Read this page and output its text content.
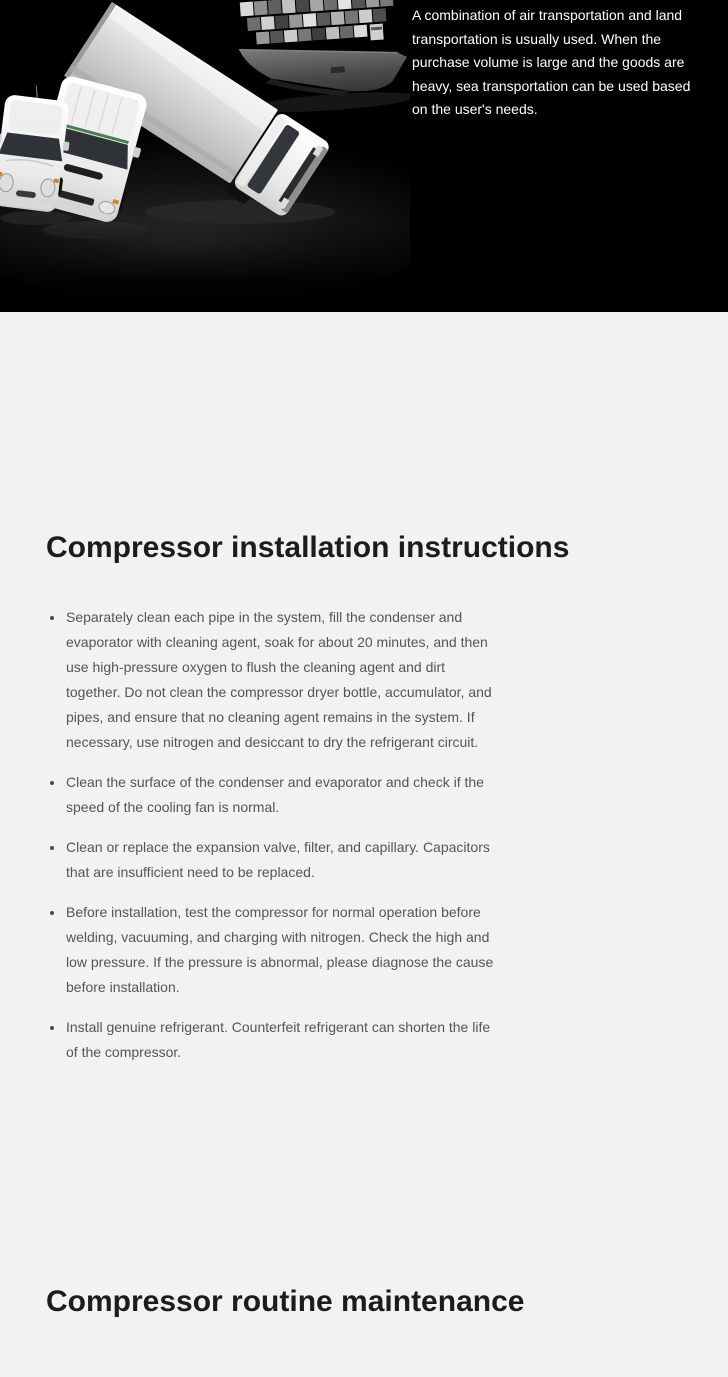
A combination of air transportation and land transportation is usually used. When the purchase volume is large and the goods are heavy, sea transportation can be used based on the user's needs.

Compressor installation instructions
• Separately clean each pipe in the system, fill the condenser and evaporator with cleaning agent, soak for about 20 minutes, and then use high-pressure oxygen to flush the cleaning agent and dirt together. Do not clean the compressor dryer bottle, accumulator, and pipes, and ensure that no cleaning agent remains in the system. If necessary, use nitrogen and desiccant to dry the refrigerant circuit.
• Clean the surface of the condenser and evaporator and check if the speed of the cooling fan is normal.
• Clean or replace the expansion valve, filter, and capillary. Capacitors that are insufficient need to be replaced.
• Before installation, test the compressor for normal operation before welding, vacuuming, and charging with nitrogen. Check the high and low pressure. If the pressure is abnormal, please diagnose the cause before installation.
• Install genuine refrigerant. Counterfeit refrigerant can shorten the life of the compressor.
Compressor routine maintenance
